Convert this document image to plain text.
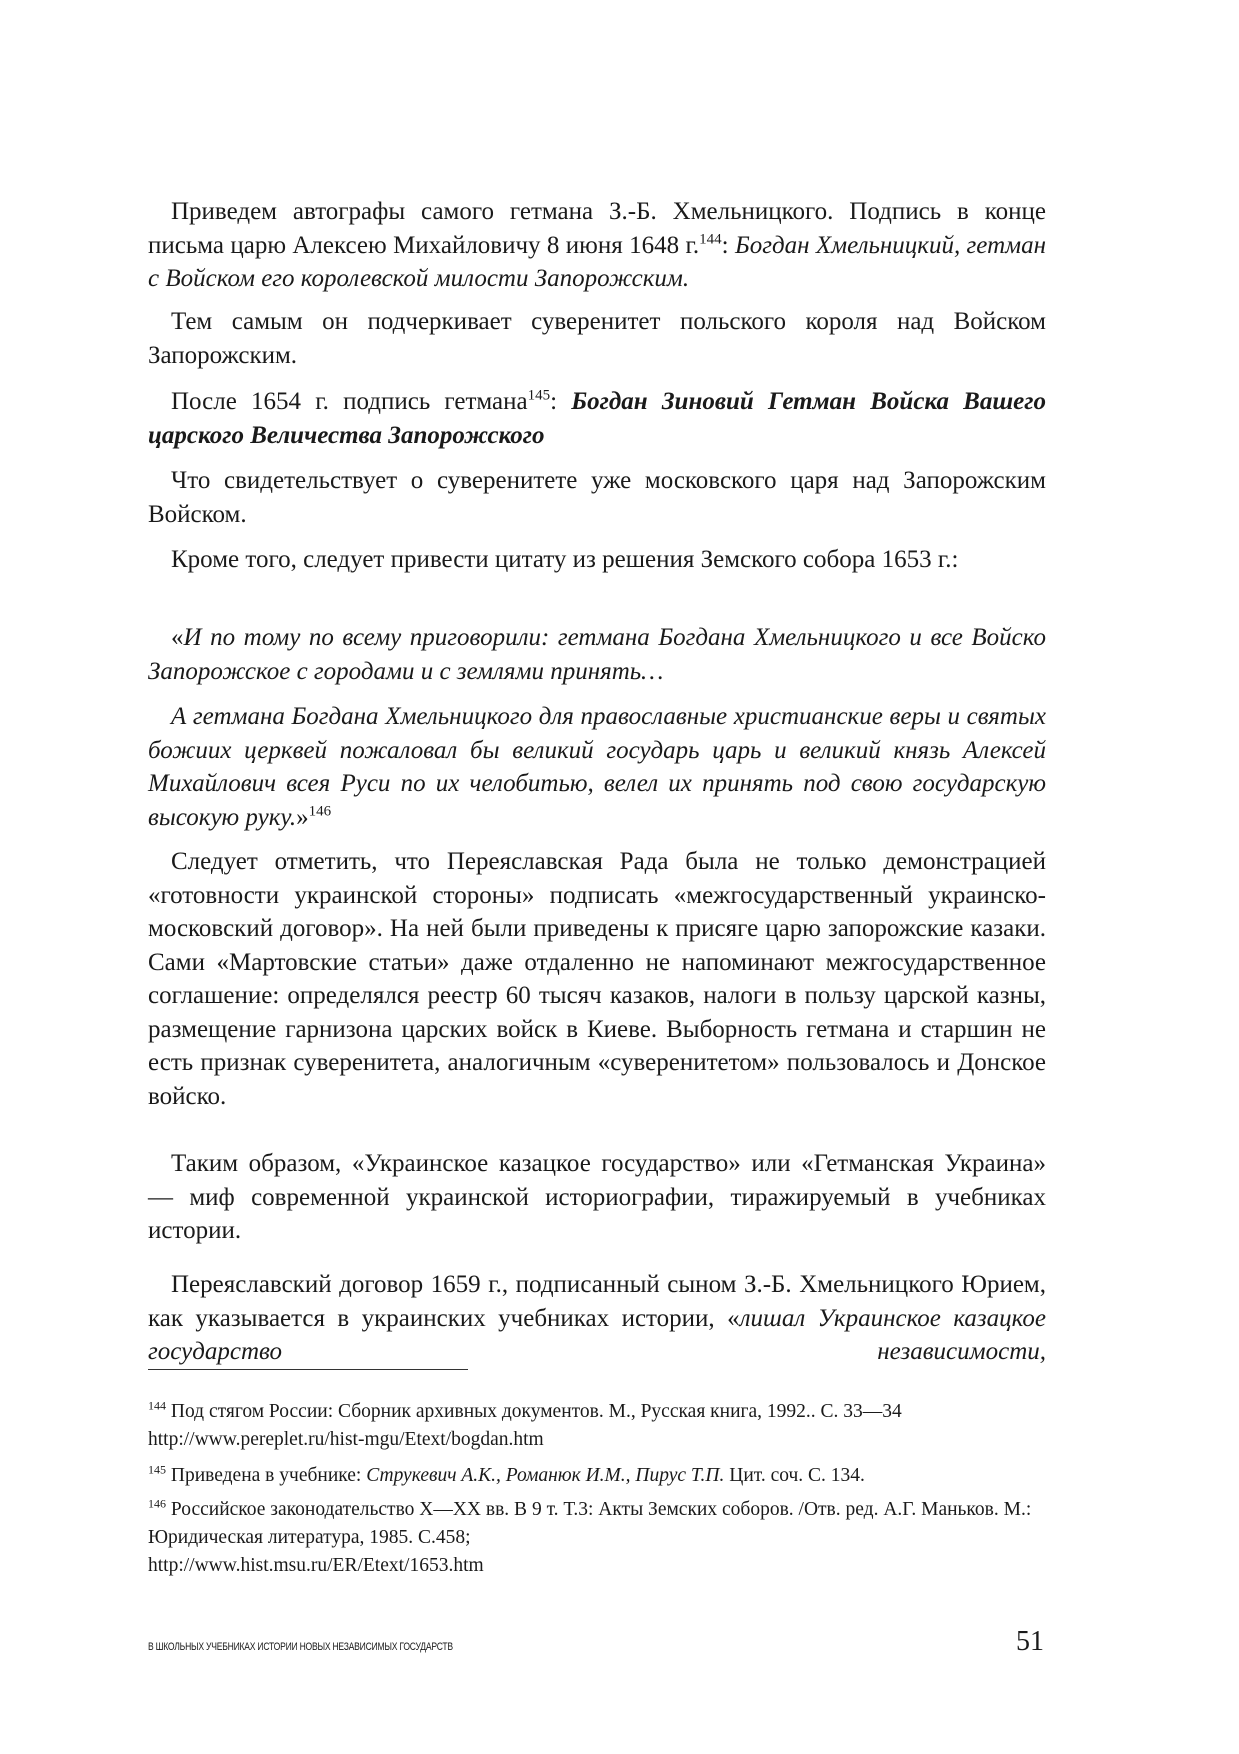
Приведем автографы самого гетмана З.-Б. Хмельницкого. Подпись в конце письма царю Алексею Михайловичу 8 июня 1648 г.$^{144}$: Богдан Хмельницкий, гетман с Войском его королевской милости Запорожским.

Тем самым он подчеркивает суверенитет польского короля над Войском Запорожским.

После 1654 г. подпись гетмана$^{145}$: Богдан Зиновий Гетман Войска Вашего царского Величества Запорожского

Что свидетельствует о суверенитете уже московского царя над Запорожским Войском.

Кроме того, следует привести цитату из решения Земского собора 1653 г.:

«И по тому по всему приговорили: гетмана Богдана Хмельницкого и все Войско Запорожское с городами и с землями принять…

А гетмана Богдана Хмельницкого для православные христианские веры и святых божиих церквей пожаловал бы великий государь царь и великий князь Алексей Михайлович всея Руси по их челобитью, велел их принять под свою государскую высокую руку.»$^{146}$

Следует отметить, что Переяславская Рада была не только демонстрацией «готовности украинской стороны» подписать «межгосударственный украинско-московский договор». На ней были приведены к присяге царю запорожские казаки. Сами «Мартовские статьи» даже отдаленно не напоминают межгосударственное соглашение: определялся реестр 60 тысяч казаков, налоги в пользу царской казны, размещение гарнизона царских войск в Киеве. Выборность гетмана и старшин не есть признак суверенитета, аналогичным «суверенитетом» пользовалось и Донское войско.

Таким образом, «Украинское казацкое государство» или «Гетманская Украина» — миф современной украинской историографии, тиражируемый в учебниках истории.

Переяславский договор 1659 г., подписанный сыном З.-Б. Хмельницкого Юрием, как указывается в украинских учебниках истории, «лишал Украинское казацкое государство независимости,

$^{144}$ Под стягом России: Сборник архивных документов. М., Русская книга, 1992.. С. 33—34 http://www.pereplet.ru/hist-mgu/Etext/bogdan.htm

$^{145}$ Приведена в учебнике: Струкевич А.К., Романюк И.М., Пирус Т.П. Цит. соч. С. 134.

$^{146}$ Российское законодательство X—XX вв. В 9 т. Т.3: Акты Земских соборов. /Отв. ред. А.Г. Маньков. М.: Юридическая литература, 1985. С.458;
http://www.hist.msu.ru/ER/Etext/1653.htm

В ШКОЛЬНЫХ УЧЕБНИКАХ ИСТОРИИ НОВЫХ НЕЗАВИСИМЫХ ГОСУДАРСТВ	51
